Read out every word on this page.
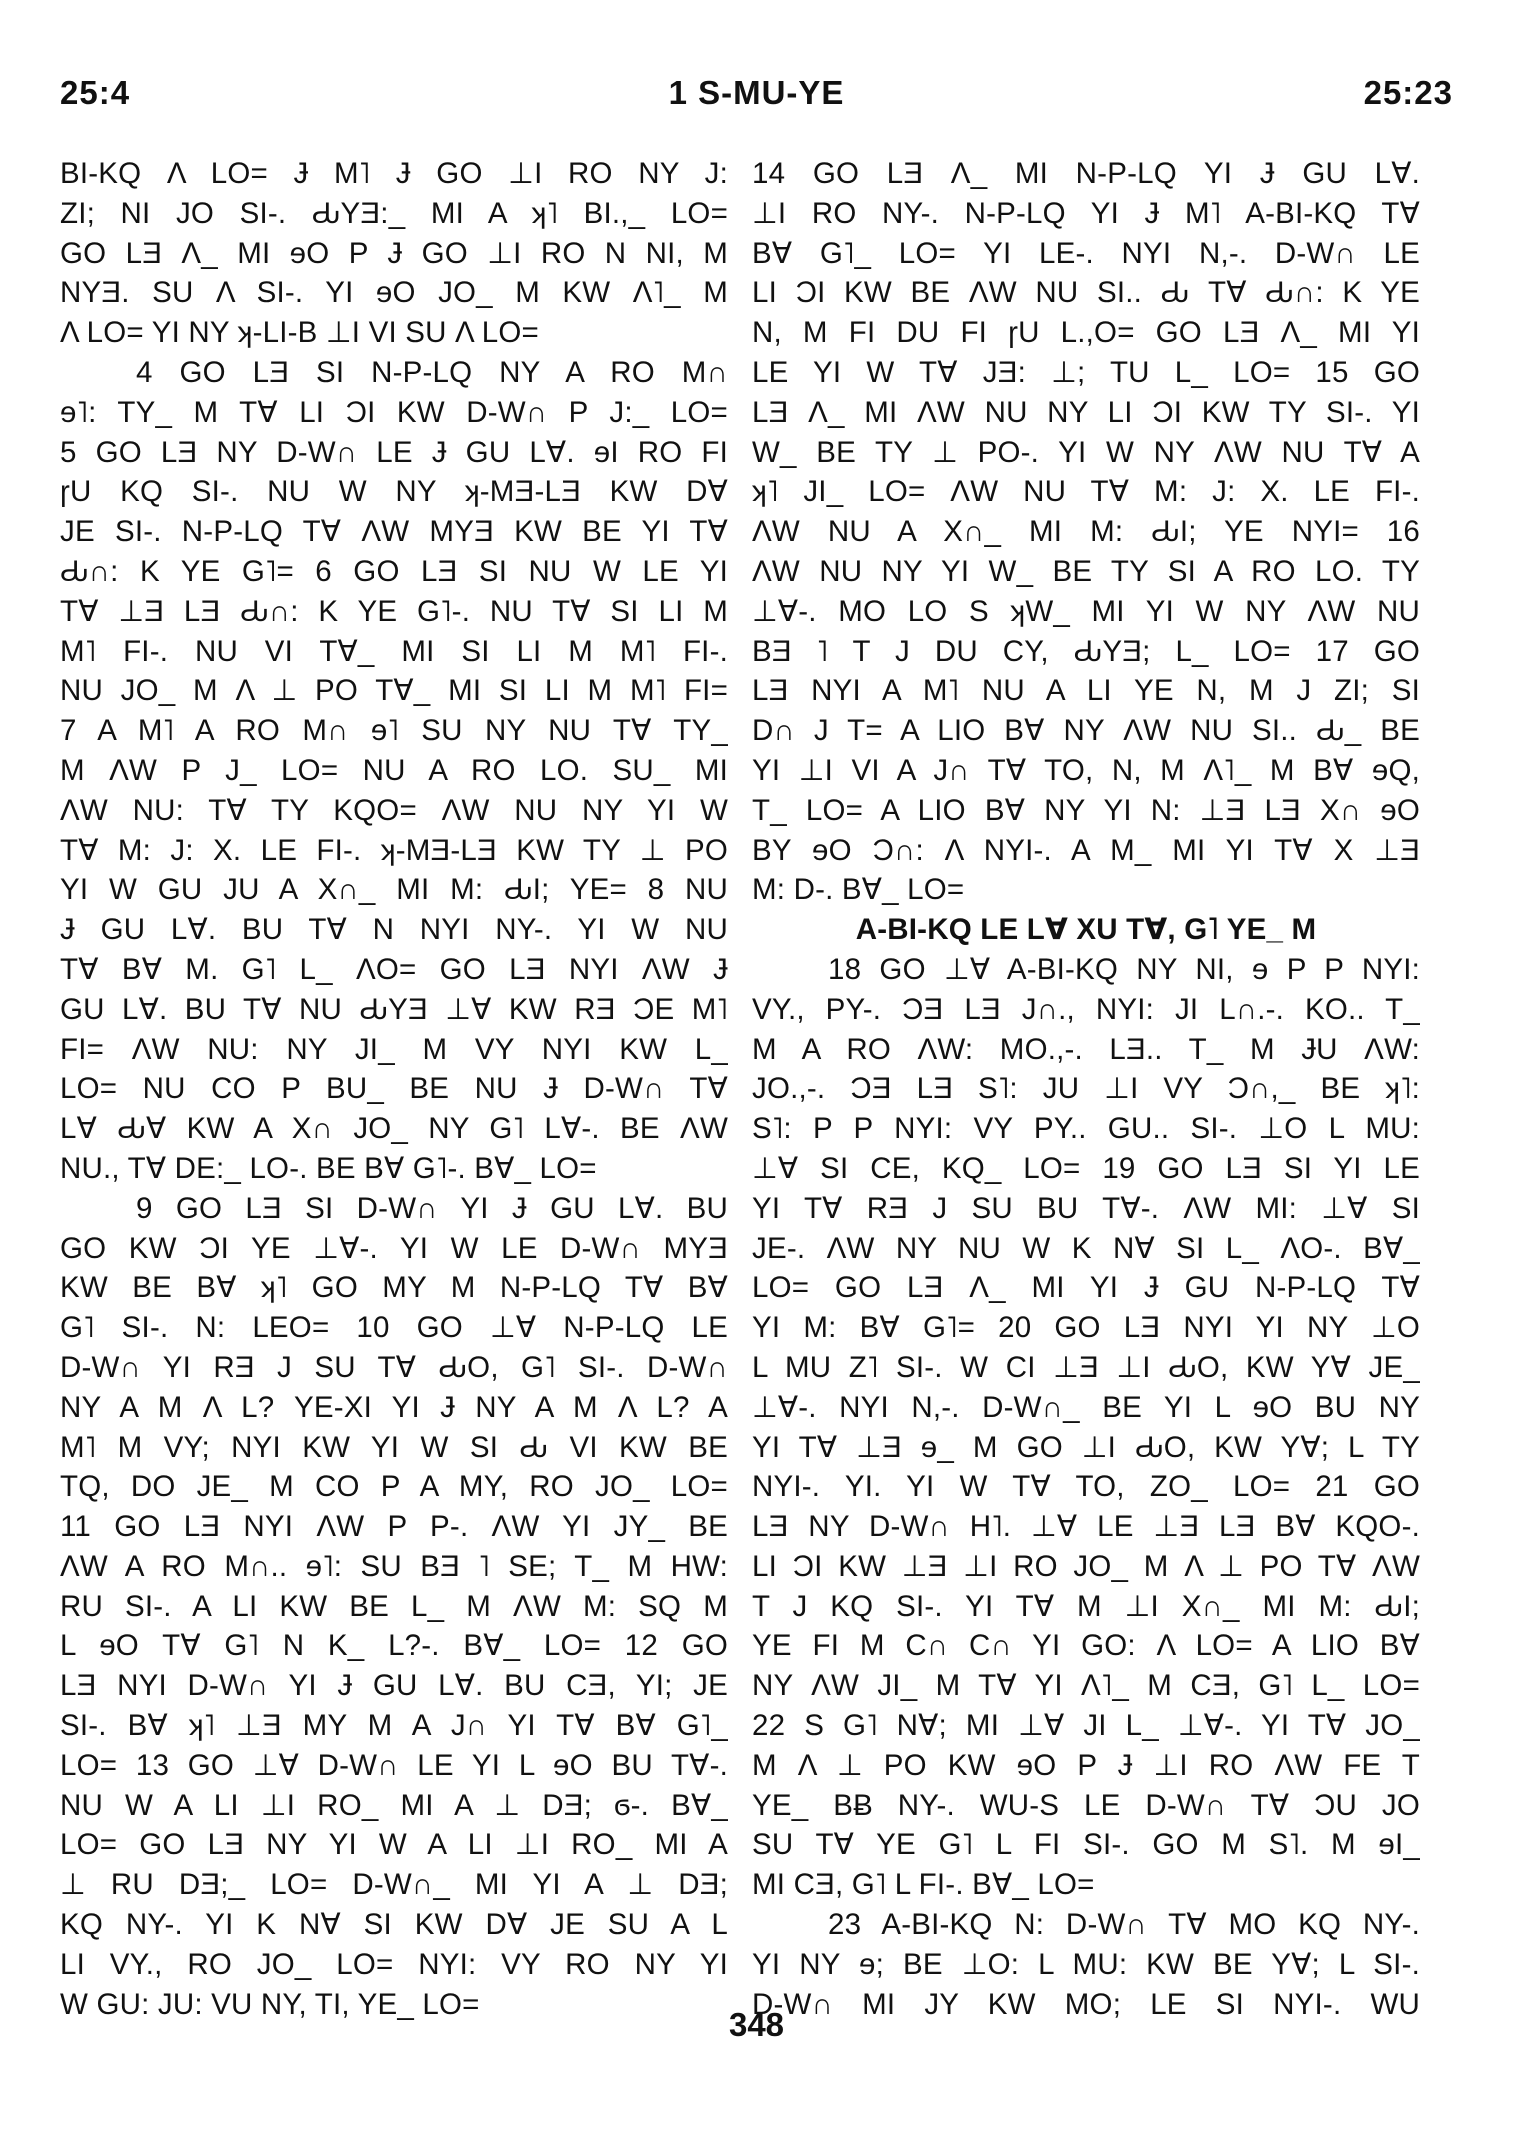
25:4	1 S-MU-YE	25:23
BI-KQ Λ LO= Ɉ M˥ Ɉ GO ⊥I RO NY J:
ZI; NI JO SI-. ԂYƎ:_ MI A ʞ˥ BI.,_ LO=
GO LƎ Λ_ MI ɘO P Ɉ GO ⊥I RO N NI, M
NYƎ. SU Λ SI-. YI ɘO JO_ M KW Λ˥_ M
Λ LO= YI NY ʞ-LI-B ⊥I VI SU Λ LO=
4 GO LƎ SI N-P-LQ NY A RO M∩
ɘ˥: TY_ M T∀ LI ƆI KW D-W∩ P J:_ LO=
5 GO LƎ NY D-W∩ LE Ɉ GU L∀. ɘI RO FI
ɼU KQ SI-. NU W NY ʞ-MƎ-LƎ KW D∀
JE SI-. N-P-LQ T∀ ΛW MYƎ KW BE YI T∀
Ԃ∩: K YE G˥= 6 GO LƎ SI NU W LE YI
T∀ ⊥Ǝ LƎ Ԃ∩: K YE G˥-. NU T∀ SI LI M
M˥ FI-. NU VI T∀_ MI SI LI M M˥ FI-.
NU JO_ M Λ ⊥ PO T∀_ MI SI LI M M˥ FI=
7 A M˥ A RO M∩ ɘ˥ SU NY NU T∀ TY_
M ΛW P J_ LO= NU A RO LO. SU_ MI
ΛW NU: T∀ TY KQO= ΛW NU NY YI W
T∀ M: J: X. LE FI-. ʞ-MƎ-LƎ KW TY ⊥ PO
YI W GU JU A X∩_ MI M: ԂI; YE= 8 NU
Ɉ GU L∀. BU T∀ N NYI NY-. YI W NU
T∀ B∀ M. G˥ L_ ΛO= GO LƎ NYI ΛW Ɉ
GU L∀. BU T∀ NU ԂYƎ ⊥∀ KW RƎ ƆE M˥
FI= ΛW NU: NY JI_ M VY NYI KW L_
LO= NU CO P BU_ BE NU Ɉ D-W∩ T∀
L∀ Ԃ∀ KW A X∩ JO_ NY G˥ L∀-. BE ΛW
NU., T∀ DE:_ LO-. BE B∀ G˥-. B∀_ LO=
9 GO LƎ SI D-W∩ YI Ɉ GU L∀. BU
GO KW ƆI YE ⊥∀-. YI W LE D-W∩ MYƎ
KW BE B∀ ʞ˥ GO MY M N-P-LQ T∀ B∀
G˥ SI-. N: LEO= 10 GO ⊥∀ N-P-LQ LE
D-W∩ YI RƎ J SU T∀ ԂO, G˥ SI-. D-W∩
NY A M Λ L? YE-XI YI Ɉ NY A M Λ L? A
M˥ M VY; NYI KW YI W SI Ԃ VI KW BE
TQ, DO JE_ M CO P A MY, RO JO_ LO=
11 GO LƎ NYI ΛW P P-. ΛW YI JY_ BE
ΛW A RO M∩.. ɘ˥: SU BƎ ˥ SE; T_ M HW:
RU SI-. A LI KW BE L_ M ΛW M: SQ M
L ɘO T∀ G˥ N K_ L?-. B∀_ LO= 12 GO
LƎ NYI D-W∩ YI Ɉ GU L∀. BU CƎ, YI; JE
SI-. B∀ ʞ˥ ⊥Ǝ MY M A J∩ YI T∀ B∀ G˥_
LO= 13 GO ⊥∀ D-W∩ LE YI L ɘO BU T∀-.
NU W A LI ⊥I RO_ MI A ⊥ DƎ; ϭ-. B∀_
LO= GO LƎ NY YI W A LI ⊥I RO_ MI A
⊥ RU DƎ;_ LO= D-W∩_ MI YI A ⊥ DƎ;
KQ NY-. YI K N∀ SI KW D∀ JE SU A L
LI VY., RO JO_ LO= NYI: VY RO NY YI
W GU: JU: VU NY, TI, YE_ LO=
14 GO LƎ Λ_ MI N-P-LQ YI Ɉ GU L∀.
⊥I RO NY-. N-P-LQ YI Ɉ M˥ A-BI-KQ T∀
B∀ G˥_ LO= YI LE-. NYI N,-. D-W∩ LE
LI ƆI KW BE ΛW NU SI.. Ԃ T∀ Ԃ∩: K YE
N, M FI DU FI ɼU L.,O= GO LƎ Λ_ MI YI
LE YI W T∀ JƎ: ⊥; TU L_ LO= 15 GO
LƎ Λ_ MI ΛW NU NY LI ƆI KW TY SI-. YI
W_ BE TY ⊥ PO-. YI W NY ΛW NU T∀ A
ʞ˥ JI_ LO= ΛW NU T∀ M: J: X. LE FI-.
ΛW NU A X∩_ MI M: ԂI; YE NYI= 16
ΛW NU NY YI W_ BE TY SI A RO LO. TY
⊥∀-. MO LO S ʞW_ MI YI W NY ΛW NU
BƎ ˥ T J DU CY, ԂYƎ; L_ LO= 17 GO
LƎ NYI A M˥ NU A LI YE N, M J ZI; SI
D∩ J T= A LIO B∀ NY ΛW NU SI.. Ԃ_ BE
YI ⊥I VI A J∩ T∀ TO, N, M Λ˥_ M B∀ ɘQ,
T_ LO= A LIO B∀ NY YI N: ⊥Ǝ LƎ X∩ ɘO
BY ɘO Ɔ∩: Λ NYI-. A M_ MI YI T∀ X ⊥Ǝ
M: D-. B∀_ LO=
A-BI-KQ LE L∀ XU T∀, G˥ YE_ M
18 GO ⊥∀ A-BI-KQ NY NI, ɘ P P NYI:
VY., PY-. ƆƎ LƎ J∩., NYI: JI L∩.-. KO.. T_
M A RO ΛW: MO.,-. LƎ.. T_ M ɈU ΛW:
JO.,-. ƆƎ LƎ S˥: JU ⊥I VY Ɔ∩,_ BE ʞ˥:
S˥: P P NYI: VY PY.. GU.. SI-. ⊥O L MU:
⊥∀ SI CE, KQ_ LO= 19 GO LƎ SI YI LE
YI T∀ RƎ J SU BU T∀-. ΛW MI: ⊥∀ SI
JE-. ΛW NY NU W K N∀ SI L_ ΛO-. B∀_
LO= GO LƎ Λ_ MI YI Ɉ GU N-P-LQ T∀
YI M: B∀ G˥= 20 GO LƎ NYI YI NY ⊥O
L MU Z˥ SI-. W CI ⊥Ǝ ⊥I ԂO, KW Y∀ JE_
⊥∀-. NYI N,-. D-W∩_ BE YI L ɘO BU NY
YI T∀ ⊥Ǝ ɘ_ M GO ⊥I ԂO, KW Y∀; L TY
NYI-. YI. YI W T∀ TO, ZO_ LO= 21 GO
LƎ NY D-W∩ H˥. ⊥∀ LE ⊥Ǝ LƎ B∀ KQO-.
LI ƆI KW ⊥Ǝ ⊥I RO JO_ M Λ ⊥ PO T∀ ΛW
T J KQ SI-. YI T∀ M ⊥I X∩_ MI M: ԂI;
YE FI M C∩ C∩ YI GO: Λ LO= A LIO B∀
NY ΛW JI_ M T∀ YI Λ˥_ M CƎ, G˥ L_ LO=
22 S G˥ N∀; MI ⊥∀ JI L_ ⊥∀-. YI T∀ JO_
M Λ ⊥ PO KW ɘO P Ɉ ⊥I RO ΛW FE T
YE_ BɃ NY-. WU-S LE D-W∩ T∀ ƆU JO
SU T∀ YE G˥ L FI SI-. GO M S˥. M ɘI_
MI CƎ, G˥ L FI-. B∀_ LO=
23 A-BI-KQ N: D-W∩ T∀ MO KQ NY-.
YI NY ɘ; BE ⊥O: L MU: KW BE Y∀; L SI-.
D-W∩ MI JY KW MO; LE SI NYI-. WU
348
